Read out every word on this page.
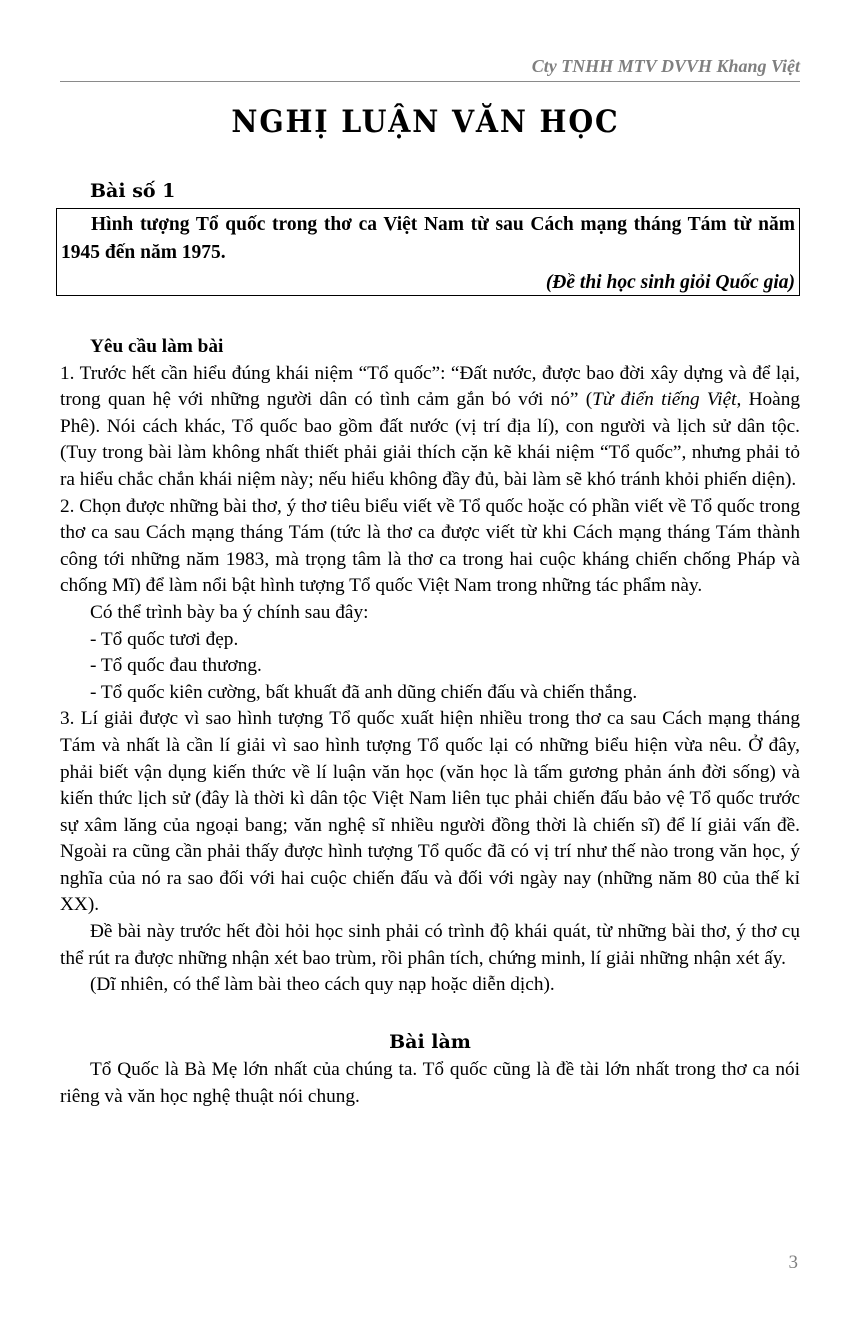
Cty TNHH MTV DVVH Khang Việt
NGHỊ LUẬN VĂN HỌC
Bài số 1
Hình tượng Tổ quốc trong thơ ca Việt Nam từ sau Cách mạng tháng Tám từ năm 1945 đến năm 1975.
(Đề thi học sinh giỏi Quốc gia)

Yêu cầu làm bài

1. Trước hết cần hiểu đúng khái niệm “Tổ quốc”: “Đất nước, được bao đời xây dựng và để lại, trong quan hệ với những người dân có tình cảm gắn bó với nó” (Từ điển tiếng Việt, Hoàng Phê). Nói cách khác, Tổ quốc bao gồm đất nước (vị trí địa lí), con người và lịch sử dân tộc. (Tuy trong bài làm không nhất thiết phải giải thích cặn kẽ khái niệm “Tổ quốc”, nhưng phải tỏ ra hiểu chắc chắn khái niệm này; nếu hiểu không đầy đủ, bài làm sẽ khó tránh khỏi phiến diện).

2. Chọn được những bài thơ, ý thơ tiêu biểu viết về Tổ quốc hoặc có phần viết về Tổ quốc trong thơ ca sau Cách mạng tháng Tám (tức là thơ ca được viết từ khi Cách mạng tháng Tám thành công tới những năm 1983, mà trọng tâm là thơ ca trong hai cuộc kháng chiến chống Pháp và chống Mĩ) để làm nổi bật hình tượng Tổ quốc Việt Nam trong những tác phẩm này.

Có thể trình bày ba ý chính sau đây:

- Tổ quốc tươi đẹp.

- Tổ quốc đau thương.

- Tổ quốc kiên cường, bất khuất đã anh dũng chiến đấu và chiến thắng.

3. Lí giải được vì sao hình tượng Tổ quốc xuất hiện nhiều trong thơ ca sau Cách mạng tháng Tám và nhất là cần lí giải vì sao hình tượng Tổ quốc lại có những biểu hiện vừa nêu. Ở đây, phải biết vận dụng kiến thức về lí luận văn học (văn học là tấm gương phản ánh đời sống) và kiến thức lịch sử (đây là thời kì dân tộc Việt Nam liên tục phải chiến đấu bảo vệ Tổ quốc trước sự xâm lăng của ngoại bang; văn nghệ sĩ nhiều người đồng thời là chiến sĩ) để lí giải vấn đề. Ngoài ra cũng cần phải thấy được hình tượng Tổ quốc đã có vị trí như thế nào trong văn học, ý nghĩa của nó ra sao đối với hai cuộc chiến đấu và đối với ngày nay (những năm 80 của thế kỉ XX).

Đề bài này trước hết đòi hỏi học sinh phải có trình độ khái quát, từ những bài thơ, ý thơ cụ thể rút ra được những nhận xét bao trùm, rồi phân tích, chứng minh, lí giải những nhận xét ấy.

(Dĩ nhiên, có thể làm bài theo cách quy nạp hoặc diễn dịch).

Bài làm

Tổ Quốc là Bà Mẹ lớn nhất của chúng ta. Tổ quốc cũng là đề tài lớn nhất trong thơ ca nói riêng và văn học nghệ thuật nói chung.

3
